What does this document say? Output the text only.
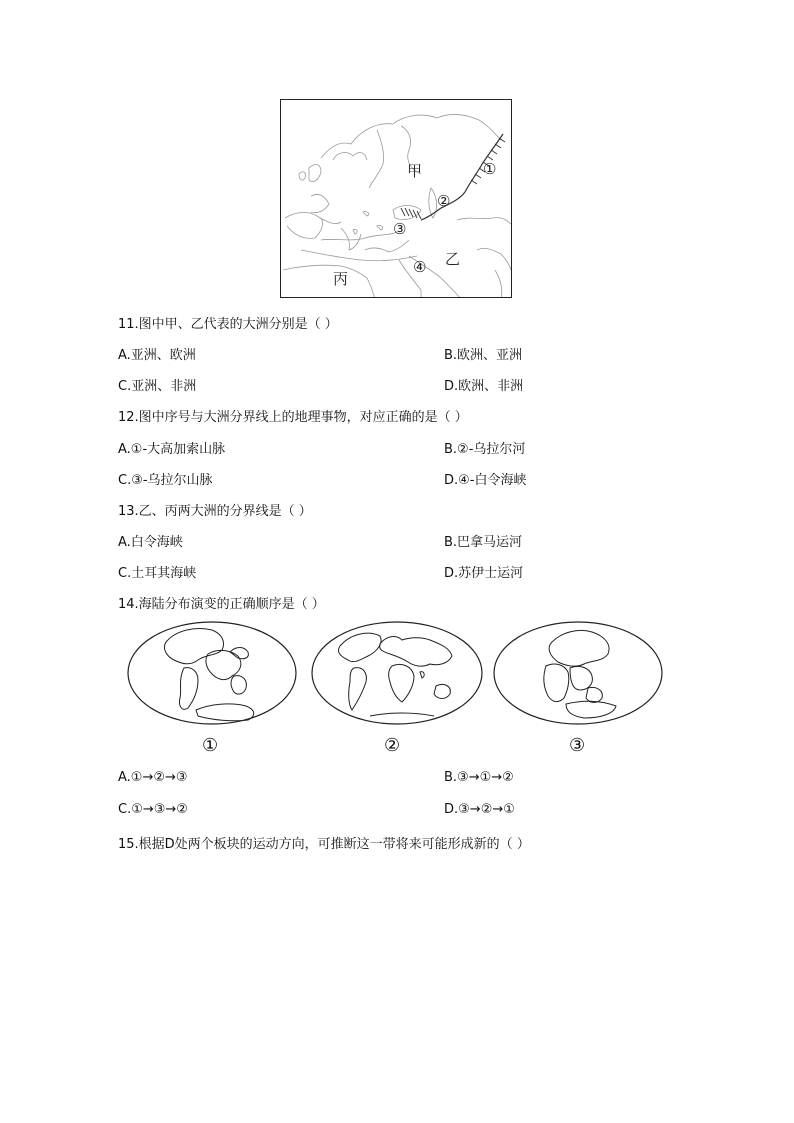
甲
乙
丙
①
②
③
④
11.图中甲、乙代表的大洲分别是（ ）
A.亚洲、欧洲	B.欧洲、亚洲
C.亚洲、非洲	D.欧洲、非洲
12.图中序号与大洲分界线上的地理事物，对应正确的是（ ）
A.①-大高加索山脉	B.②-乌拉尔河
C.③-乌拉尔山脉	D.④-白令海峡
13.乙、丙两大洲的分界线是（ ）
A.白令海峡	B.巴拿马运河
C.土耳其海峡	D.苏伊士运河
14.海陆分布演变的正确顺序是（ ）
①	②	③
A.①→②→③	B.③→①→②
C.①→③→②	D.③→②→①
15.根据D处两个板块的运动方向，可推断这一带将来可能形成新的（ ）
